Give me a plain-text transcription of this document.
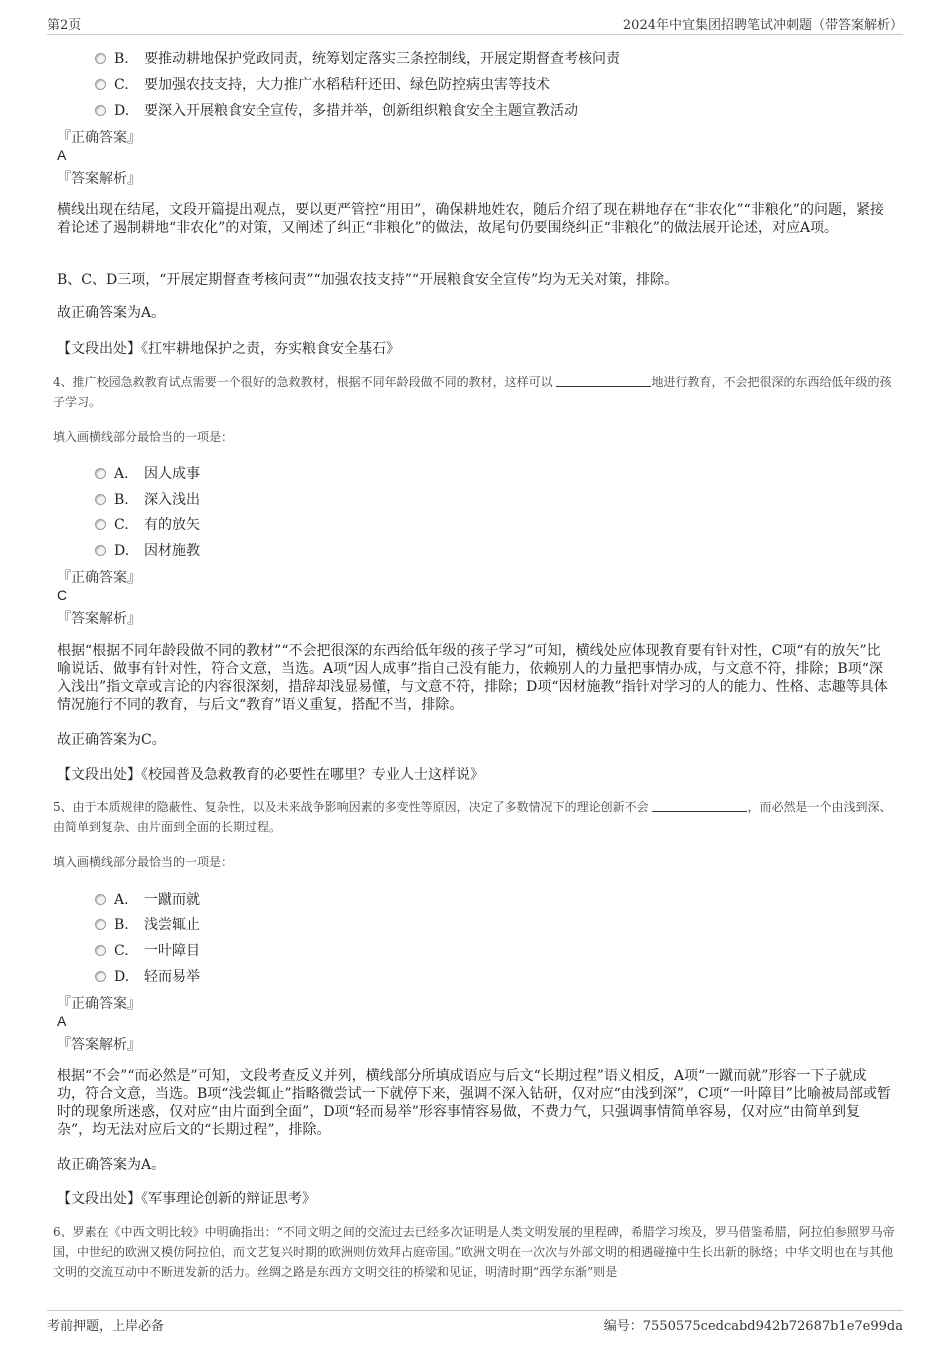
第2页	2024年中宜集团招聘笔试冲刺题（带答案解析）
B. 要推动耕地保护党政同责，统筹划定落实三条控制线，开展定期督查考核问责
C. 要加强农技支持，大力推广水稻秸秆还田、绿色防控病虫害等技术
D. 要深入开展粮食安全宣传，多措并举，创新组织粮食安全主题宣教活动
『正确答案』
A
『答案解析』
横线出现在结尾，文段开篇提出观点，要以更严管控“用田”，确保耕地姓农，随后介绍了现在耕地存在“非农化”“非粮化”的问题，紧接着论述了遏制耕地“非农化”的对策，又阐述了纠正“非粮化”的做法，故尾句仍要围绕纠正“非粮化”的做法展开论述，对应A项。
B、C、D三项，“开展定期督查考核问责”“加强农技支持”“开展粮食安全宣传”均为无关对策，排除。
故正确答案为A。
【文段出处】《扛牢耕地保护之责，夯实粮食安全基石》
4、推广校园急救教育试点需要一个很好的急救教材，根据不同年龄段做不同的教材，这样可以	地进行教育，不会把很深的东西给低年级的孩子学习。
填入画横线部分最恰当的一项是：
A. 因人成事
B. 深入浅出
C. 有的放矢
D. 因材施教
『正确答案』
C
『答案解析』
根据“根据不同年龄段做不同的教材”“不会把很深的东西给低年级的孩子学习”可知，横线处应体现教育要有针对性，C项“有的放矢”比喻说话、做事有针对性，符合文意，当选。A项“因人成事”指自己没有能力，依赖别人的力量把事情办成，与文意不符，排除；B项“深入浅出”指文章或言论的内容很深刻，措辞却浅显易懂，与文意不符，排除；D项“因材施教”指针对学习的人的能力、性格、志趣等具体情况施行不同的教育，与后文“教育”语义重复，搭配不当，排除。
故正确答案为C。
【文段出处】《校园普及急救教育的必要性在哪里？专业人士这样说》
5、由于本质规律的隐蔽性、复杂性，以及未来战争影响因素的多变性等原因，决定了多数情况下的理论创新不会	，而必然是一个由浅到深、由简单到复杂、由片面到全面的长期过程。
填入画横线部分最恰当的一项是：
A. 一蹴而就
B. 浅尝辄止
C. 一叶障目
D. 轻而易举
『正确答案』
A
『答案解析』
根据“不会”“而必然是”可知，文段考查反义并列，横线部分所填成语应与后文“长期过程”语义相反，A项“一蹴而就”形容一下子就成功，符合文意，当选。B项“浅尝辄止”指略微尝试一下就停下来，强调不深入钻研，仅对应“由浅到深”，C项“一叶障目”比喻被局部或暂时的现象所迷惑，仅对应“由片面到全面”，D项“轻而易举”形容事情容易做，不费力气，只强调事情简单容易，仅对应“由简单到复杂”，均无法对应后文的“长期过程”，排除。
故正确答案为A。
【文段出处】《军事理论创新的辩证思考》
6、罗素在《中西文明比较》中明确指出：“不同文明之间的交流过去已经多次证明是人类文明发展的里程碑，希腊学习埃及，罗马借鉴希腊，阿拉伯参照罗马帝国，中世纪的欧洲又模仿阿拉伯，而文艺复兴时期的欧洲则仿效拜占庭帝国。”欧洲文明在一次次与外部文明的相遇碰撞中生长出新的脉络；中华文明也在与其他文明的交流互动中不断迸发新的活力。丝绸之路是东西方文明交往的桥梁和见证，明清时期“西学东渐”则是
考前押题，上岸必备	编号：7550575cedcabd942b72687b1e7e99da
